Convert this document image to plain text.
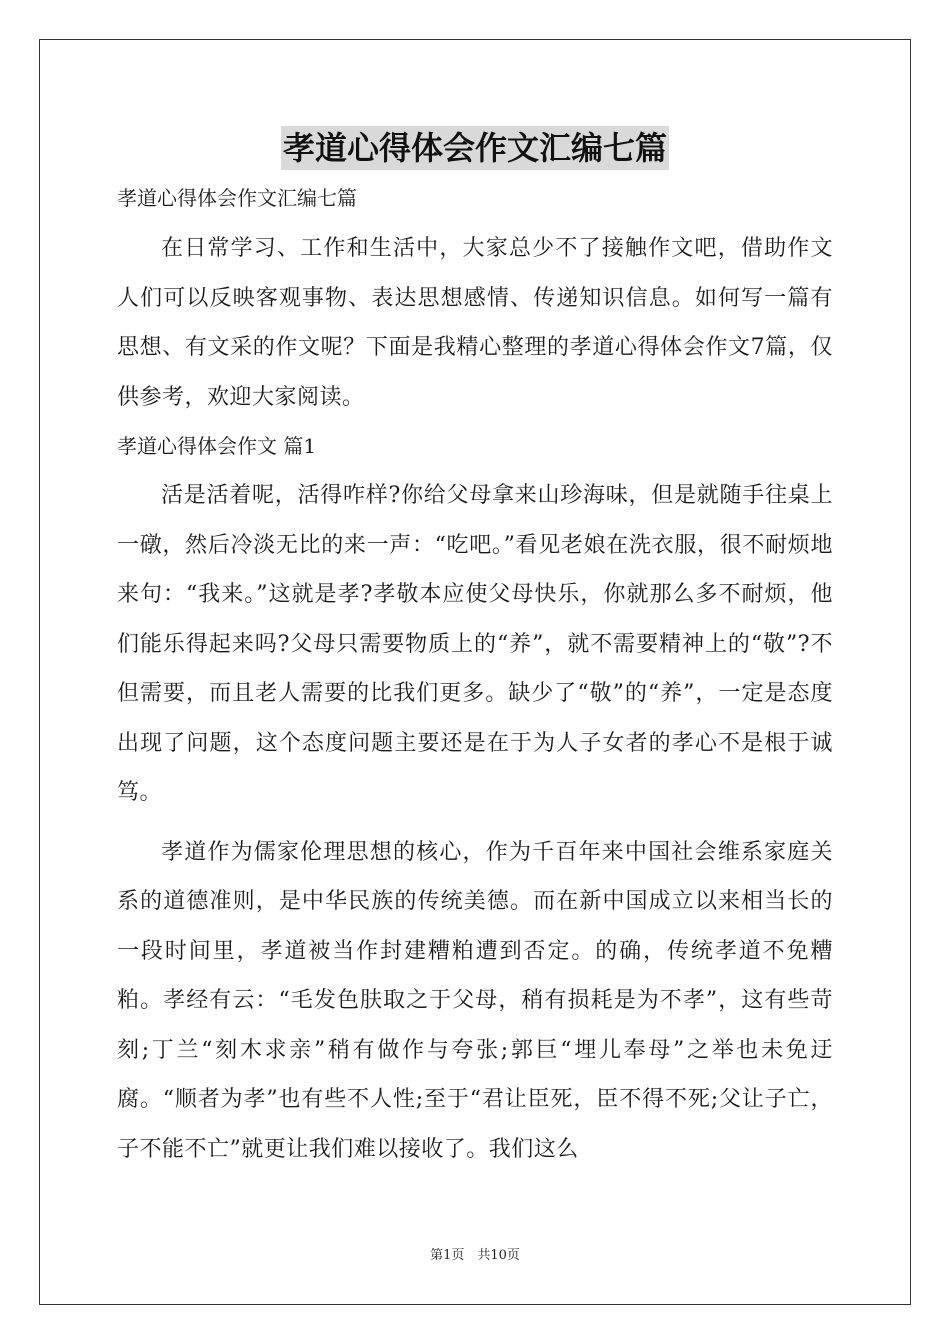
孝道心得体会作文汇编七篇

孝道心得体会作文汇编七篇

在日常学习、工作和生活中，大家总少不了接触作文吧，借助作文人们可以反映客观事物、表达思想感情、传递知识信息。如何写一篇有思想、有文采的作文呢？下面是我精心整理的孝道心得体会作文7篇，仅供参考，欢迎大家阅读。

孝道心得体会作文 篇1

活是活着呢，活得咋样?你给父母拿来山珍海味，但是就随手往桌上一礅，然后冷淡无比的来一声：“吃吧。”看见老娘在洗衣服，很不耐烦地来句：“我来。”这就是孝?孝敬本应使父母快乐，你就那么多不耐烦，他们能乐得起来吗?父母只需要物质上的“养”，就不需要精神上的“敬”?不但需要，而且老人需要的比我们更多。缺少了“敬”的“养”，一定是态度出现了问题，这个态度问题主要还是在于为人子女者的孝心不是根于诚笃。

孝道作为儒家伦理思想的核心，作为千百年来中国社会维系家庭关系的道德准则，是中华民族的传统美德。而在新中国成立以来相当长的一段时间里，孝道被当作封建糟粕遭到否定。的确，传统孝道不免糟粕。孝经有云：“毛发色肤取之于父母，稍有损耗是为不孝”，这有些苛刻;丁兰“刻木求亲”稍有做作与夸张;郭巨“埋儿奉母”之举也未免迂腐。“顺者为孝”也有些不人性;至于“君让臣死，臣不得不死;父让子亡，子不能不亡”就更让我们难以接收了。我们这么

第1页　共10页
